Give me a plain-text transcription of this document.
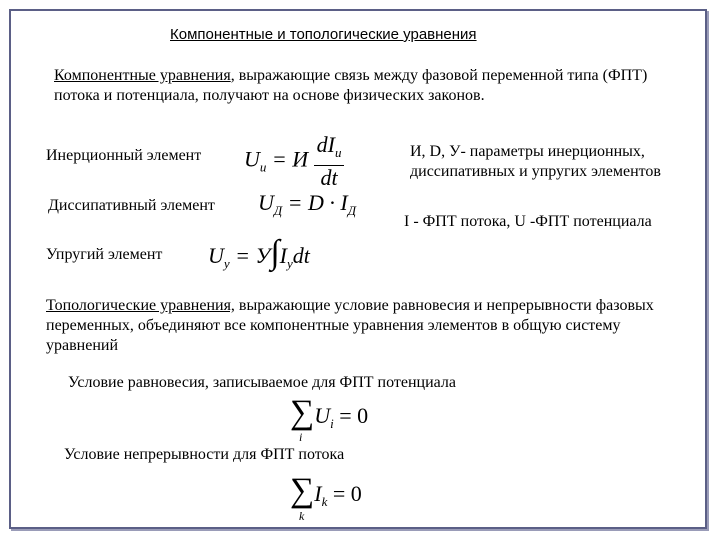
Компонентные и топологические уравнения
Компонентные уравнения, выражающие связь между фазовой переменной типа (ФПТ) потока и потенциала, получают на основе физических законов.
Инерционный элемент $U_и = И \frac{dI_и}{dt}$	И, D, У- параметры инерционных, диссипативных и упругих элементов
Диссипативный элемент $U_Д = D \cdot I_Д$
I - ФПТ потока, U -ФПТ потенциала
Упругий элемент $U_у = У\int I_уdt$
Топологические уравнения, выражающие условие равновесия и непрерывности фазовых переменных, объединяют все компонентные уравнения элементов в общую систему уравнений
Условие равновесия, записываемое для ФПТ потенциала
$\sum U_i = 0$
i
Условие непрерывности для ФПТ потока
$\sum I_k = 0$
k
